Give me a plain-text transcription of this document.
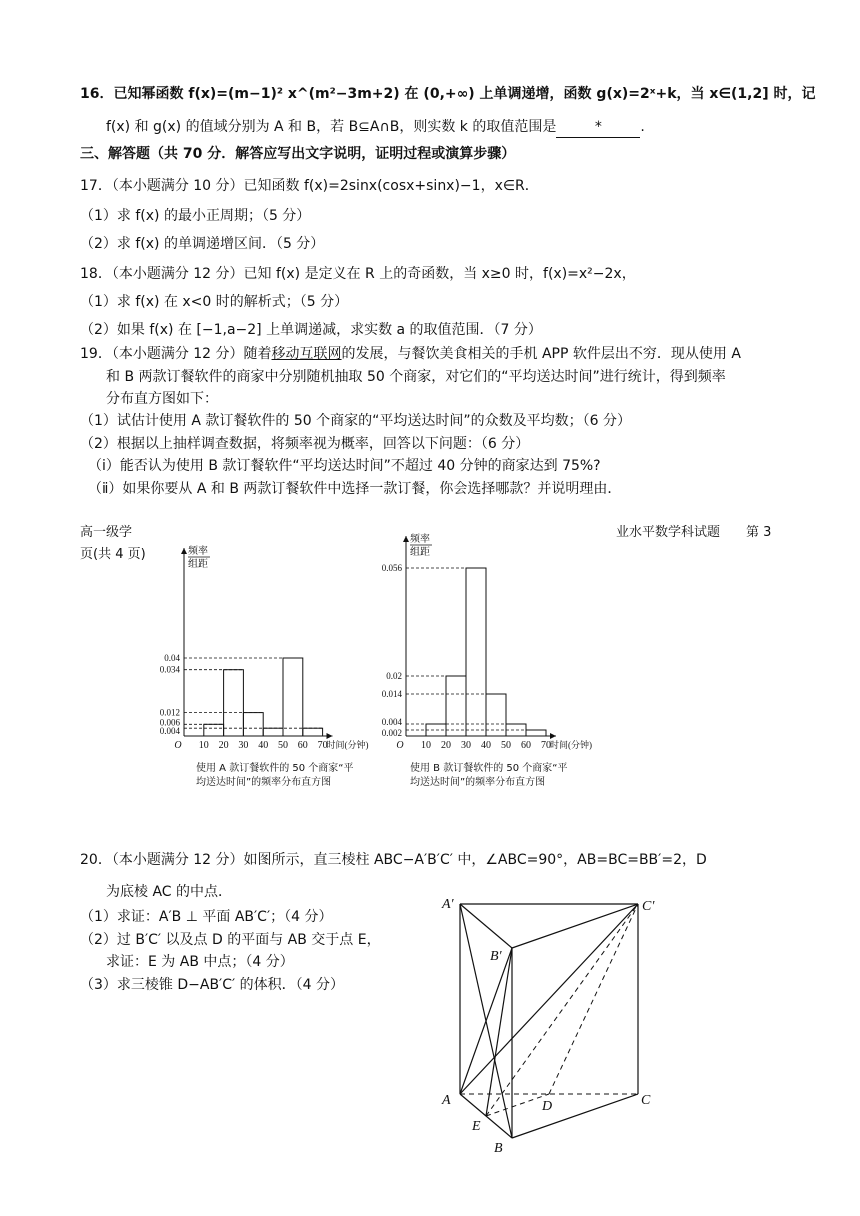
16．已知幂函数 f(x)=(m−1)² x^(m²−3m+2) 在 (0,+∞) 上单调递增，函数 g(x)=2ˣ+k，当 x∈(1,2] 时，记
f(x) 和 g(x) 的值域分别为 A 和 B，若 B⊆A∩B，则实数 k 的取值范围是	*	.
三、解答题（共 70 分．解答应写出文字说明，证明过程或演算步骤）
17．（本小题满分 10 分）已知函数 f(x)=2sinx(cosx+sinx)−1，x∈R．
（1）求 f(x) 的最小正周期；（5 分）
（2）求 f(x) 的单调递增区间．（5 分）
18．（本小题满分 12 分）已知 f(x) 是定义在 R 上的奇函数，当 x≥0 时，f(x)=x²−2x，
（1）求 f(x) 在 x<0 时的解析式；（5 分）
（2）如果 f(x) 在 [−1,a−2] 上单调递减，求实数 a 的取值范围．（7 分）
19．（本小题满分 12 分）随着移动互联网的发展，与餐饮美食相关的手机 APP 软件层出不穷．现从使用 A
和 B 两款订餐软件的商家中分别随机抽取 50 个商家，对它们的“平均送达时间”进行统计，得到频率
分布直方图如下：
（1）试估计使用 A 款订餐软件的 50 个商家的“平均送达时间”的众数及平均数；（6 分）
（2）根据以上抽样调查数据，将频率视为概率，回答以下问题：（6 分）
（ⅰ）能否认为使用 B 款订餐软件“平均送达时间”不超过 40 分钟的商家达到 75%?
（ⅱ）如果你要从 A 和 B 两款订餐软件中选择一款订餐，你会选择哪款？并说明理由．
高一级学
页(共 4 页)
业水平数学科试题　　第 3
频率
组距
0.004
0.006
0.012
0.034
0.04
10 20 30 40 50 60 70
O	时间(分钟)
使用 A 款订餐软件的 50 个商家“平
均送达时间”的频率分布直方图
频率
组距
0.002
0.004
0.014
0.02
0.056
10 20 30 40 50 60 70
O	时间(分钟)
使用 B 款订餐软件的 50 个商家“平
均送达时间”的频率分布直方图
20．（本小题满分 12 分）如图所示，直三棱柱 ABC−A′B′C′ 中，∠ABC=90°，AB=BC=BB′=2，D
为底棱 AC 的中点．
（1）求证：A′B ⊥ 平面 AB′C′；（4 分）
（2）过 B′C′ 以及点 D 的平面与 AB 交于点 E，
求证：E 为 AB 中点；（4 分）
（3）求三棱锥 D−AB′C′ 的体积．（4 分）
A′	C′
B′
A	D	C
E
B
